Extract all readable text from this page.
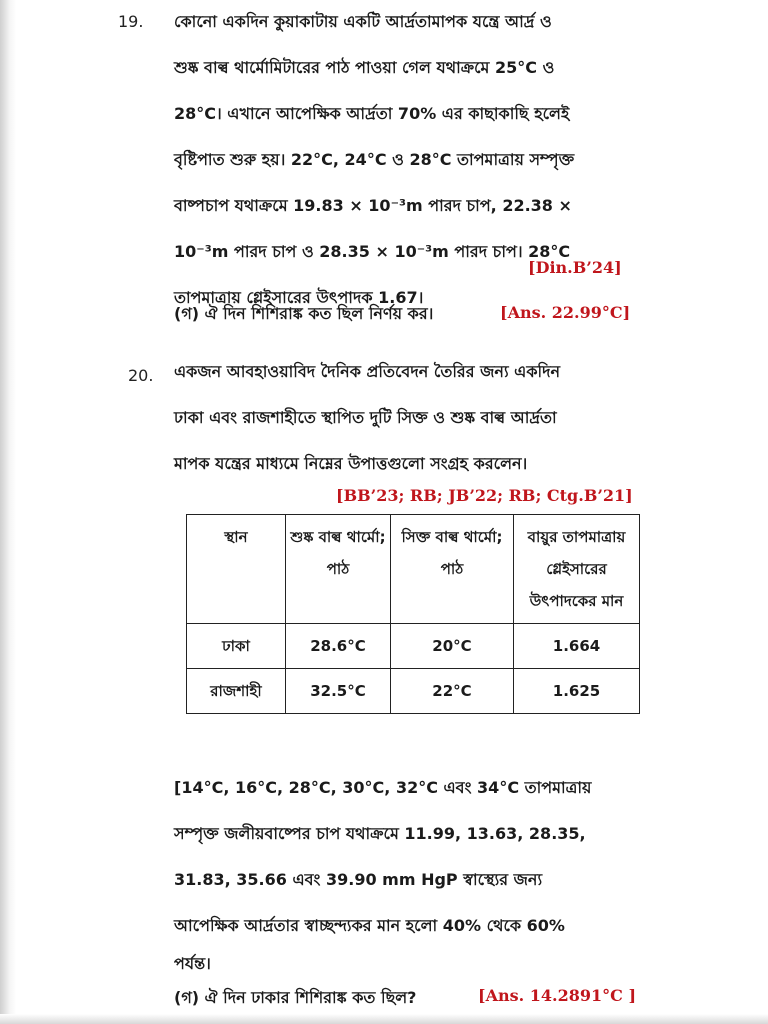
19. কোনো একদিন কুয়াকাটায় একটি আর্দ্রতামাপক যন্ত্রে আর্দ্র ও
শুষ্ক বাল্ব থার্মোমিটারের পাঠ পাওয়া গেল যথাক্রমে 25°C ও
28°C। এখানে আপেক্ষিক আর্দ্রতা 70% এর কাছাকাছি হলেই
বৃষ্টিপাত শুরু হয়। 22°C, 24°C ও 28°C তাপমাত্রায় সম্পৃক্ত
বাষ্পচাপ যথাক্রমে 19.83 × 10⁻³m পারদ চাপ, 22.38 ×
10⁻³m পারদ চাপ ও 28.35 × 10⁻³m পারদ চাপ। 28°C
তাপমাত্রায় গ্লেইসারের উৎপাদক 1.67।
[Din.B’24]
(গ) ঐ দিন শিশিরাঙ্ক কত ছিল নির্ণয় কর।	[Ans. 22.99°C]
20. একজন আবহাওয়াবিদ দৈনিক প্রতিবেদন তৈরির জন্য একদিন
ঢাকা এবং রাজশাহীতে স্থাপিত দুটি সিক্ত ও শুষ্ক বাল্ব আর্দ্রতা
মাপক যন্ত্রের মাধ্যমে নিম্নের উপাত্তগুলো সংগ্রহ করলেন।
[BB’23; RB; JB’22; RB; Ctg.B’21]
স্থান	শুষ্ক বাল্ব থার্মো; পাঠ	সিক্ত বাল্ব থার্মো; পাঠ	বায়ুর তাপমাত্রায় গ্লেইসারের উৎপাদকের মান
ঢাকা	28.6°C	20°C	1.664
রাজশাহী	32.5°C	22°C	1.625
[14°C, 16°C, 28°C, 30°C, 32°C এবং 34°C তাপমাত্রায়
সম্পৃক্ত জলীয়বাষ্পের চাপ যথাক্রমে 11.99, 13.63, 28.35,
31.83, 35.66 এবং 39.90 mm HgP স্বাস্থ্যের জন্য
আপেক্ষিক আর্দ্রতার স্বাচ্ছন্দ্যকর মান হলো 40% থেকে 60%
পর্যন্ত।
(গ) ঐ দিন ঢাকার শিশিরাঙ্ক কত ছিল?	[Ans. 14.2891°C ]
